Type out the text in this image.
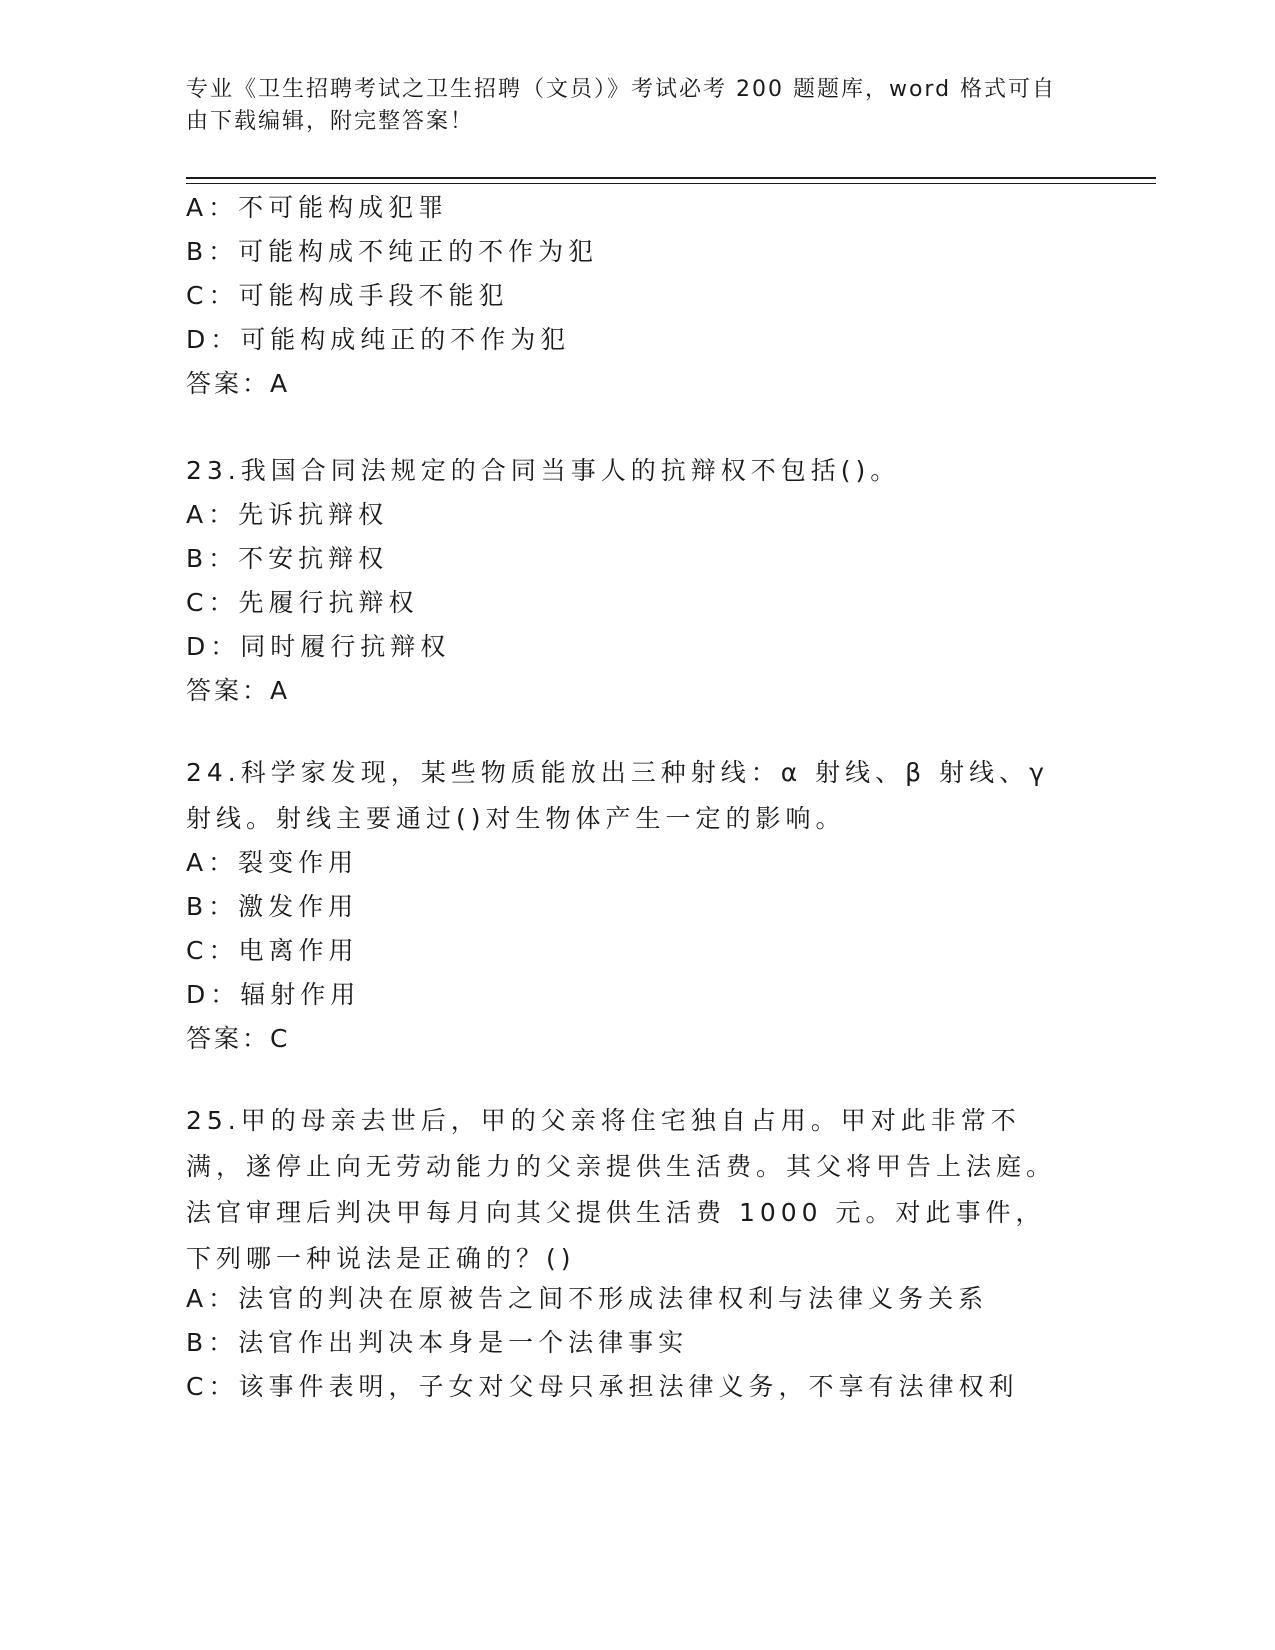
专业《卫生招聘考试之卫生招聘（文员）》考试必考 200 题题库，word 格式可自由下载编辑，附完整答案！
A：不可能构成犯罪
B：可能构成不纯正的不作为犯
C：可能构成手段不能犯
D：可能构成纯正的不作为犯
答案：A
23.我国合同法规定的合同当事人的抗辩权不包括()。
A：先诉抗辩权
B：不安抗辩权
C：先履行抗辩权
D：同时履行抗辩权
答案：A
24.科学家发现，某些物质能放出三种射线：α 射线、β 射线、γ 射线。射线主要通过()对生物体产生一定的影响。
A：裂变作用
B：激发作用
C：电离作用
D：辐射作用
答案：C
25.甲的母亲去世后，甲的父亲将住宅独自占用。甲对此非常不满，遂停止向无劳动能力的父亲提供生活费。其父将甲告上法庭。法官审理后判决甲每月向其父提供生活费 1000 元。对此事件，下列哪一种说法是正确的？()
A：法官的判决在原被告之间不形成法律权利与法律义务关系
B：法官作出判决本身是一个法律事实
C：该事件表明，子女对父母只承担法律义务，不享有法律权利
